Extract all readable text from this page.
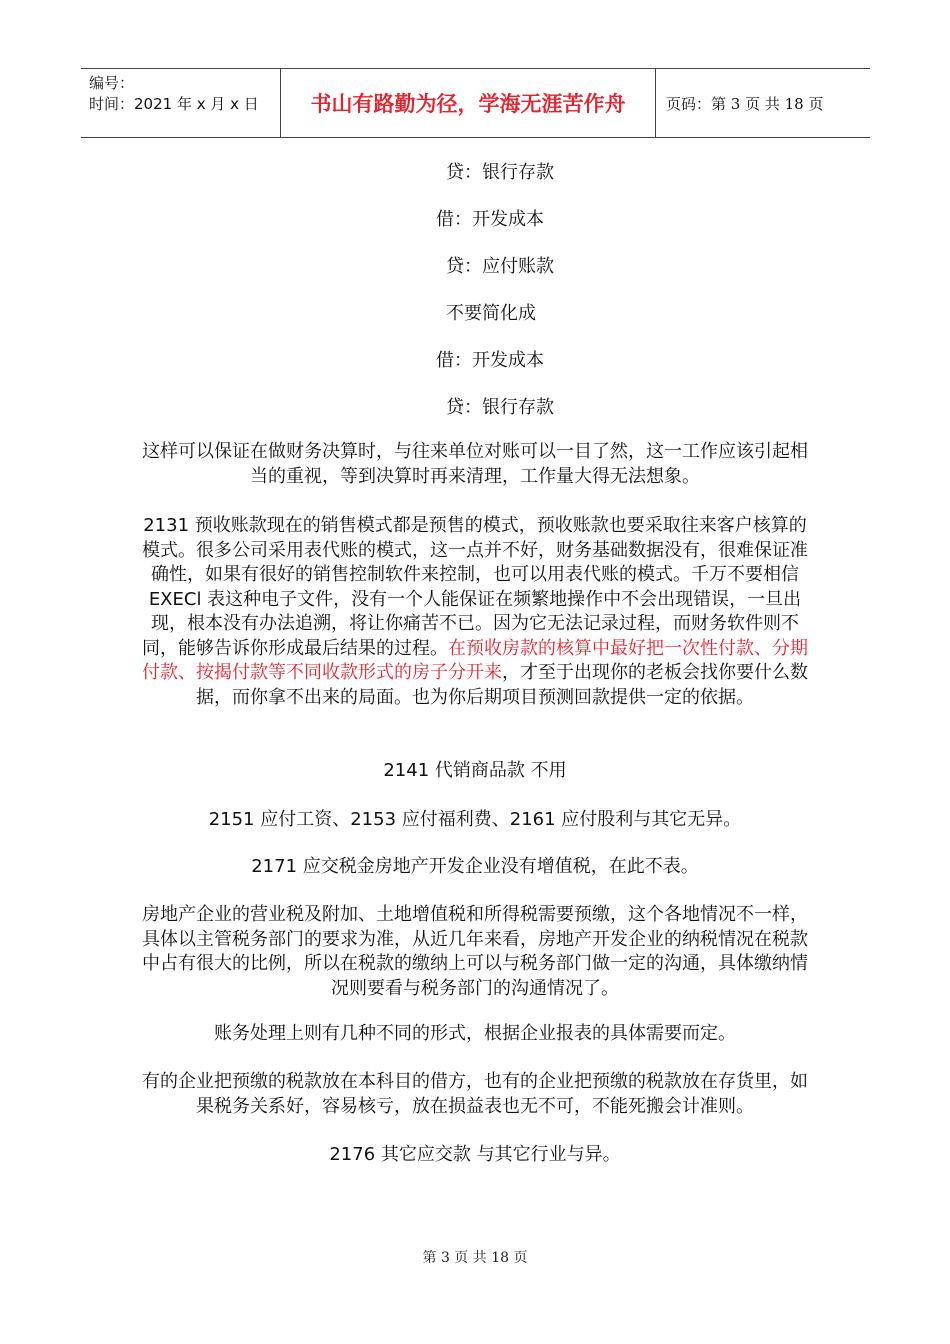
编号：
时间：2021 年 x 月 x 日	书山有路勤为径，学海无涯苦作舟	页码：第 3 页 共 18 页
贷：银行存款
借：开发成本
贷：应付账款
不要简化成
借：开发成本
贷：银行存款
这样可以保证在做财务决算时，与往来单位对账可以一目了然，这一工作应该引起相当的重视，等到决算时再来清理，工作量大得无法想象。
2131 预收账款现在的销售模式都是预售的模式，预收账款也要采取往来客户核算的模式。很多公司采用表代账的模式，这一点并不好，财务基础数据没有，很难保证准确性，如果有很好的销售控制软件来控制，也可以用表代账的模式。千万不要相信 EXECl 表这种电子文件，没有一个人能保证在频繁地操作中不会出现错误，一旦出现，根本没有办法追溯，将让你痛苦不已。因为它无法记录过程，而财务软件则不同，能够告诉你形成最后结果的过程。在预收房款的核算中最好把一次性付款、分期付款、按揭付款等不同收款形式的房子分开来，才至于出现你的老板会找你要什么数据，而你拿不出来的局面。也为你后期项目预测回款提供一定的依据。
2141 代销商品款 不用
2151 应付工资、2153 应付福利费、2161 应付股利与其它无异。
2171 应交税金房地产开发企业没有增值税，在此不表。
房地产企业的营业税及附加、土地增值税和所得税需要预缴，这个各地情况不一样，具体以主管税务部门的要求为准，从近几年来看，房地产开发企业的纳税情况在税款中占有很大的比例，所以在税款的缴纳上可以与税务部门做一定的沟通，具体缴纳情况则要看与税务部门的沟通情况了。
账务处理上则有几种不同的形式，根据企业报表的具体需要而定。
有的企业把预缴的税款放在本科目的借方，也有的企业把预缴的税款放在存货里，如果税务关系好，容易核亏，放在损益表也无不可，不能死搬会计准则。
2176 其它应交款 与其它行业与异。
第 3 页 共 18 页
